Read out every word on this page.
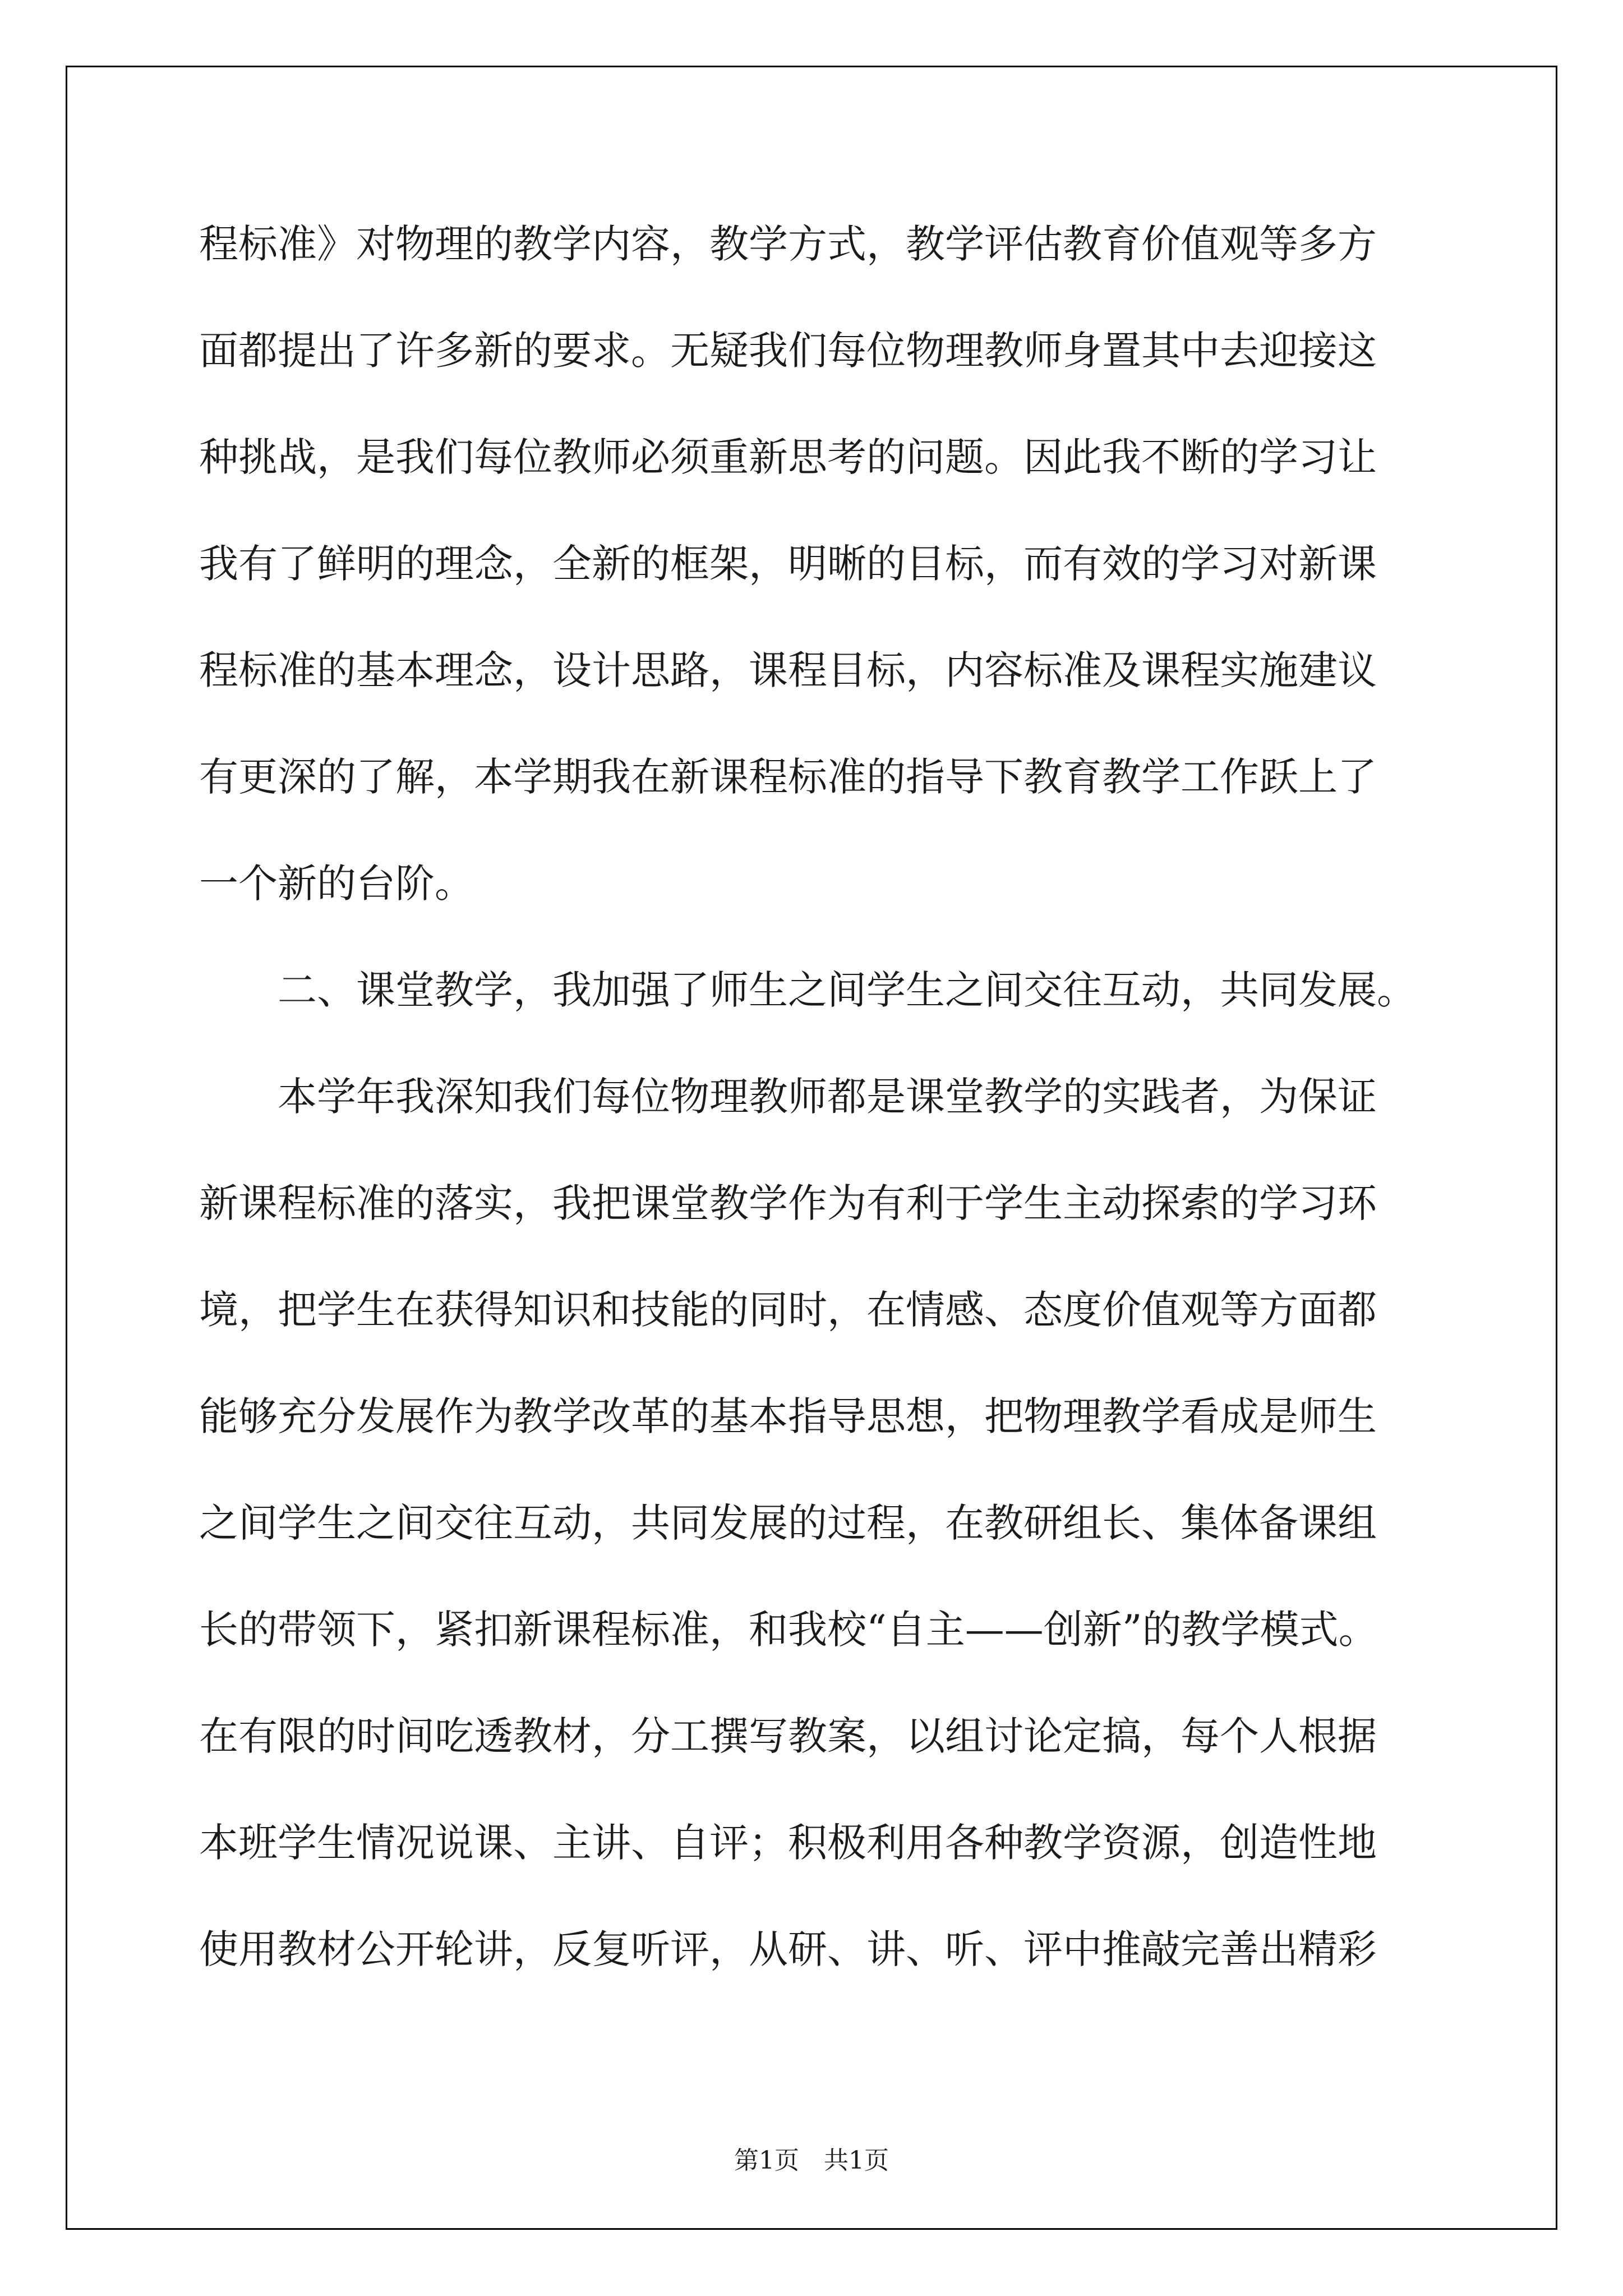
程标准》对物理的教学内容，教学方式，教学评估教育价值观等多方
面都提出了许多新的要求。无疑我们每位物理教师身置其中去迎接这
种挑战，是我们每位教师必须重新思考的问题。因此我不断的学习让
我有了鲜明的理念，全新的框架，明晰的目标，而有效的学习对新课
程标准的基本理念，设计思路，课程目标，内容标准及课程实施建议
有更深的了解，本学期我在新课程标准的指导下教育教学工作跃上了
一个新的台阶。
　　二、课堂教学，我加强了师生之间学生之间交往互动，共同发展。
　　本学年我深知我们每位物理教师都是课堂教学的实践者，为保证
新课程标准的落实，我把课堂教学作为有利于学生主动探索的学习环
境，把学生在获得知识和技能的同时，在情感、态度价值观等方面都
能够充分发展作为教学改革的基本指导思想，把物理教学看成是师生
之间学生之间交往互动，共同发展的过程，在教研组长、集体备课组
长的带领下，紧扣新课程标准，和我校“自主——创新”的教学模式。
在有限的时间吃透教材，分工撰写教案，以组讨论定搞，每个人根据
本班学生情况说课、主讲、自评；积极利用各种教学资源，创造性地
使用教材公开轮讲，反复听评，从研、讲、听、评中推敲完善出精彩
第1页　共1页
